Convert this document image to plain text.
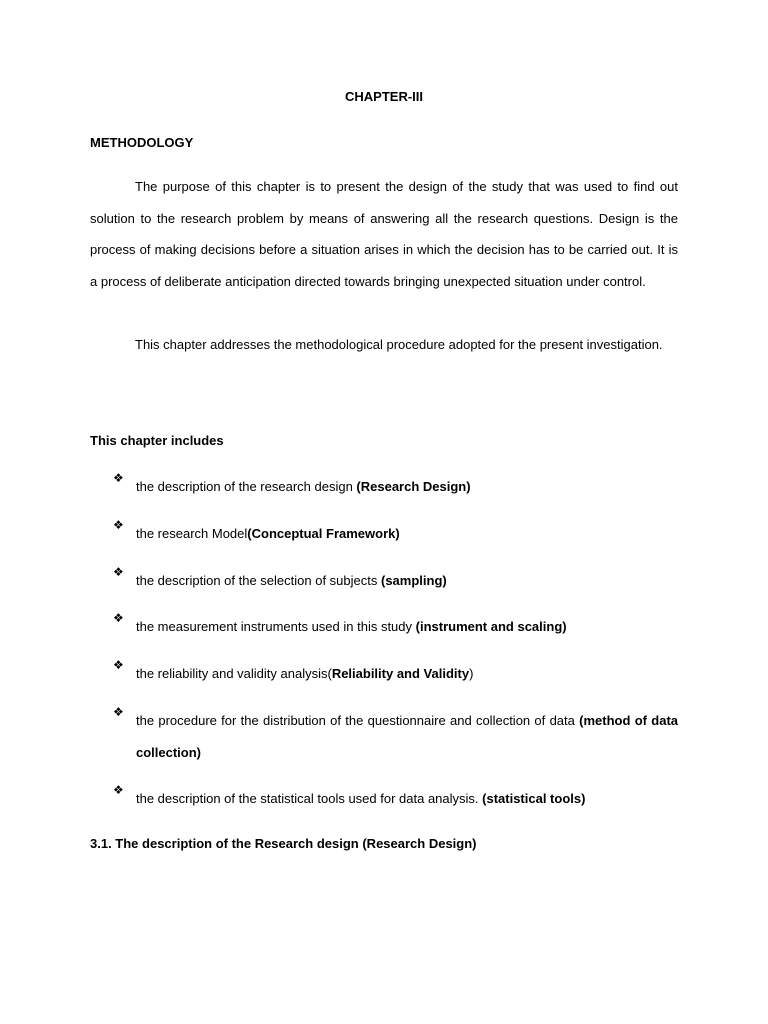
CHAPTER-III
METHODOLOGY

The purpose of this chapter is to present the design of the study that was used to find out solution to the research problem by means of answering all the research questions. Design is the process of making decisions before a situation arises in which the decision has to be carried out. It is a process of deliberate anticipation directed towards bringing unexpected situation under control.

This chapter addresses the methodological procedure adopted for the present investigation.

This chapter includes
❖
the description of the research design (Research Design)
❖
the research Model(Conceptual Framework)
❖
the description of the selection of subjects (sampling)
❖
the measurement instruments used in this study (instrument and scaling)
❖
the reliability and validity analysis(Reliability and Validity)
❖
the procedure for the distribution of the questionnaire and collection of data (method of data collection)
❖
the description of the statistical tools used for data analysis. (statistical tools)
3.1. The description of the Research design (Research Design)
